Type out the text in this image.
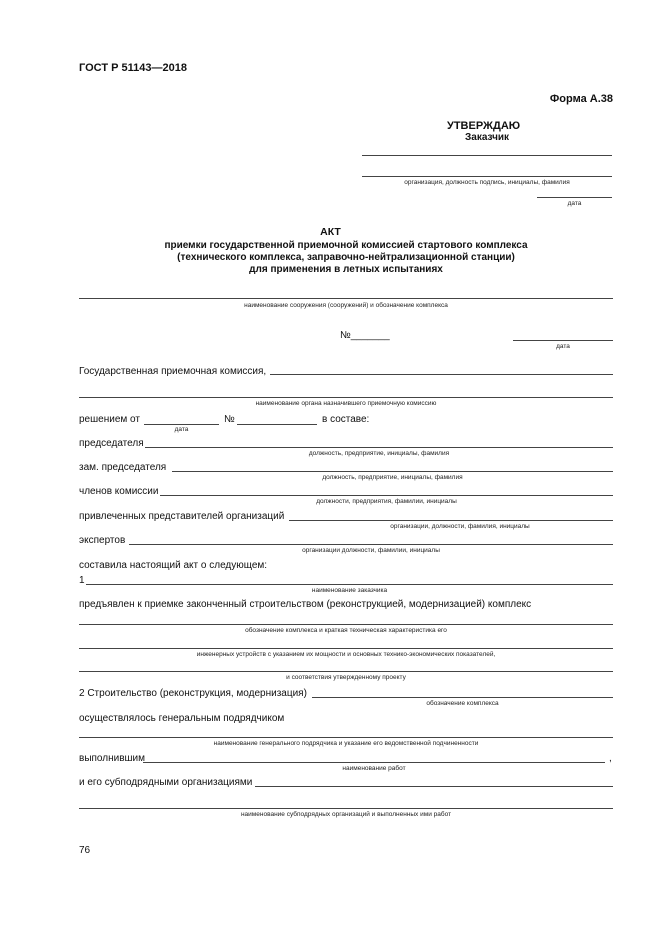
ГОСТ Р 51143—2018
Форма А.38
УТВЕРЖДАЮ
Заказчик
организация, должность подпись, инициалы, фамилия
дата
АКТ
приемки государственной приемочной комиссией стартового комплекса
(технического комплекса, заправочно-нейтрализационной станции)
для применения в летных испытаниях
наименование сооружения (сооружений) и обозначение комплекса
№_______
дата
Государственная приемочная комиссия,
наименование органа назначившего приемочную комиссию
решением от
дата
№	в составе:
председателя
должность, предприятие, инициалы, фамилия
зам. председателя
должность, предприятие, инициалы, фамилия
членов комиссии
должности, предприятия, фамилии, инициалы
привлеченных представителей организаций
организации, должности, фамилия, инициалы
экспертов
организации должности, фамилии, инициалы
составила настоящий акт о следующем:
1
наименование заказчика
предъявлен к приемке законченный строительством (реконструкцией, модернизацией) комплекс
обозначение комплекса и краткая техническая характеристика его
инженерных устройств с указанием их мощности и основных технико-экономических показателей,
и соответствия утвержденному проекту
2 Строительство (реконструкция, модернизация)
обозначение комплекса
осуществлялось генеральным подрядчиком
наименование генерального подрядчика и указание его ведомственной подчиненности
выполнившим	,
наименование работ
и его субподрядными организациями
наименование субподрядных организаций и выполненных ими работ
76
